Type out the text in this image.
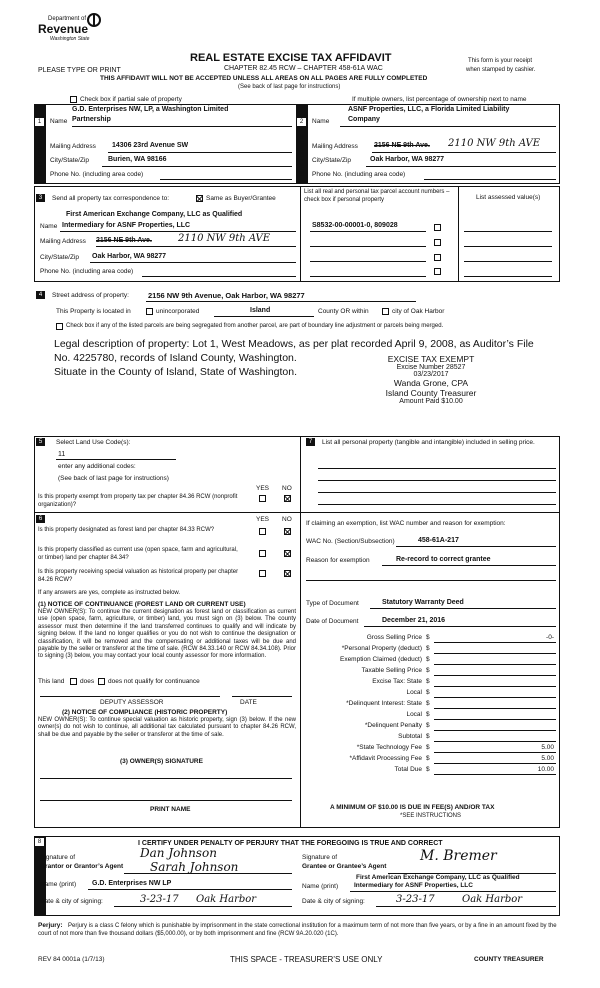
Department of
Revenue
Washington State
PLEASE TYPE OR PRINT
REAL ESTATE EXCISE TAX AFFIDAVIT
CHAPTER 82.45 RCW – CHAPTER 458-61A WAC
This form is your receipt
when stamped by cashier.
THIS AFFIDAVIT WILL NOT BE ACCEPTED UNLESS ALL AREAS ON ALL PAGES ARE FULLY COMPLETED
(See back of last page for instructions)
Check box if partial sale of property	If multiple owners, list percentage of ownership next to name
1	2
SELLER GRANTOR	BUYER GRANTEE
G.D. Enterprises NW, LP, a Washington Limited
Name Partnership
Mailing Address 14306 23rd Avenue SW
City/State/Zip	Burien, WA 98166
Phone No. (including area code)
ASNF Properties, LLC, a Florida Limited Liability
Name	Company
Mailing Address 2156 NE 9th Ave. 2110 NW 9th AVE
City/State/Zip	Oak Harbor, WA 98277
Phone No. (including area code)
3	Send all property tax correspondence to:	Same as Buyer/Grantee
First American Exchange Company, LLC as Qualified
Name Intermediary for ASNF Properties, LLC
Mailing Address 2156 NE 9th Ave.	2110 NW 9th AVE
City/State/Zip Oak Harbor, WA 98277
Phone No. (including area code)
List all real and personal tax parcel account numbers – check box if personal property	List assessed value(s)
S8532-00-00001-0, 809028
4	Street address of property:	2156 NW 9th Avenue, Oak Harbor, WA 98277
This Property is located in	unincorporated	Island	County OR within	city of Oak Harbor
Check box if any of the listed parcels are being segregated from another parcel, are part of boundary line adjustment or parcels being merged.
Legal description of property: Lot 1, West Meadows, as per plat recorded April 9, 2008, as Auditor’s File
No. 4225780, records of Island County, Washington.
Situate in the County of Island, State of Washington.
EXCISE TAX EXEMPT
Excise Number 28527
03/23/2017
Wanda Grone, CPA
Island County Treasurer
Amount Paid $10.00
5	Select Land Use Code(s):
11
enter any additional codes:
(See back of last page for instructions)
YES NO
Is this property exempt from property tax per chapter 84.36 RCW (nonprofit organization)?
6	YES NO
Is this property designated as forest land per chapter 84.33 RCW?
Is this property classified as current use (open space, farm and agricultural, or timber) land per chapter 84.34?
Is this property receiving special valuation as historical property per chapter 84.26 RCW?
If any answers are yes, complete as instructed below.
(1) NOTICE OF CONTINUANCE (FOREST LAND OR CURRENT USE)
NEW OWNER(S): To continue the current designation as forest land or classification as current use (open space, farm, agriculture, or timber) land, you must sign on (3) below. The county assessor must then determine if the land transferred continues to qualify and will indicate by signing below. If the land no longer qualifies or you do not wish to continue the designation or classification, it will be removed and the compensating or additional taxes will be due and payable by the seller or transferor at the time of sale. (RCW 84.33.140 or RCW 84.34.108). Prior to signing (3) below, you may contact your local county assessor for more information.
This land does does not qualify for continuance
DEPUTY ASSESSOR	DATE
(2) NOTICE OF COMPLIANCE (HISTORIC PROPERTY)
NEW OWNER(S): To continue special valuation as historic property, sign (3) below. If the new owner(s) do not wish to continue, all additional tax calculated pursuant to chapter 84.26 RCW, shall be due and payable by the seller or transferor at the time of sale.
(3) OWNER(S) SIGNATURE
PRINT NAME
7	List all personal property (tangible and intangible) included in selling price.
If claiming an exemption, list WAC number and reason for exemption:
WAC No. (Section/Subsection)	458-61A-217
Reason for exemption	Re-record to correct grantee
Type of Document	Statutory Warranty Deed
Date of Document	December 21, 2016
Gross Selling Price $	-0-
*Personal Property (deduct) $
Exemption Claimed (deduct) $
Taxable Selling Price $
Excise Tax: State $
Local $
*Delinquent Interest: State $
Local $
*Delinquent Penalty $
Subtotal $
*State Technology Fee $	5.00
*Affidavit Processing Fee $	5.00
Total Due $	10.00
A MINIMUM OF $10.00 IS DUE IN FEE(S) AND/OR TAX
*SEE INSTRUCTIONS
8	I CERTIFY UNDER PENALTY OF PERJURY THAT THE FOREGOING IS TRUE AND CORRECT
Signature of
Grantor or Grantor’s Agent
Dan Johnson
Sarah Johnson
Name (print) G.D. Enterprises NW LP
Date & city of signing:	3-23-17 Oak Harbor
Signature of
Grantee or Grantee’s Agent
M. Bremer
First American Exchange Company, LLC as Qualified
Name (print) Intermediary for ASNF Properties, LLC
Date & city of signing:	3-23-17	Oak Harbor
Perjury: Perjury is a class C felony which is punishable by imprisonment in the state correctional institution for a maximum term of not more than five years, or by a fine in an amount fixed by the court of not more than five thousand dollars ($5,000.00), or by both imprisonment and fine (RCW 9A.20.020 (1C).
REV 84 0001a (1/7/13)	THIS SPACE - TREASURER’S USE ONLY	COUNTY TREASURER
